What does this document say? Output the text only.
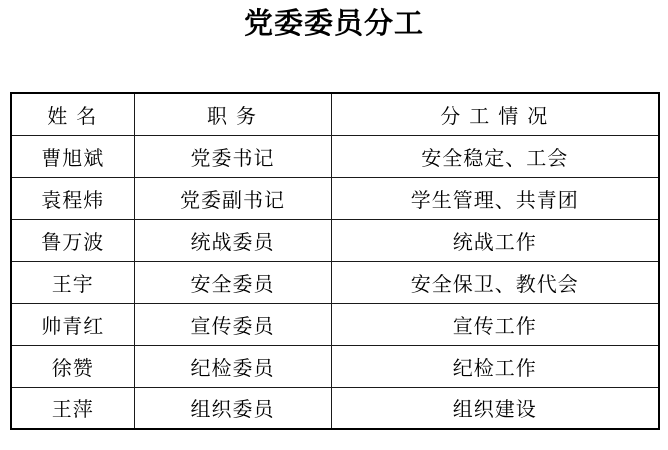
党委委员分工
姓 名	职 务	分 工 情 况
曹旭斌	党委书记	安全稳定、工会
袁程炜	党委副书记	学生管理、共青团
鲁万波	统战委员	统战工作
王宇	安全委员	安全保卫、教代会
帅青红	宣传委员	宣传工作
徐赞	纪检委员	纪检工作
王萍	组织委员	组织建设
